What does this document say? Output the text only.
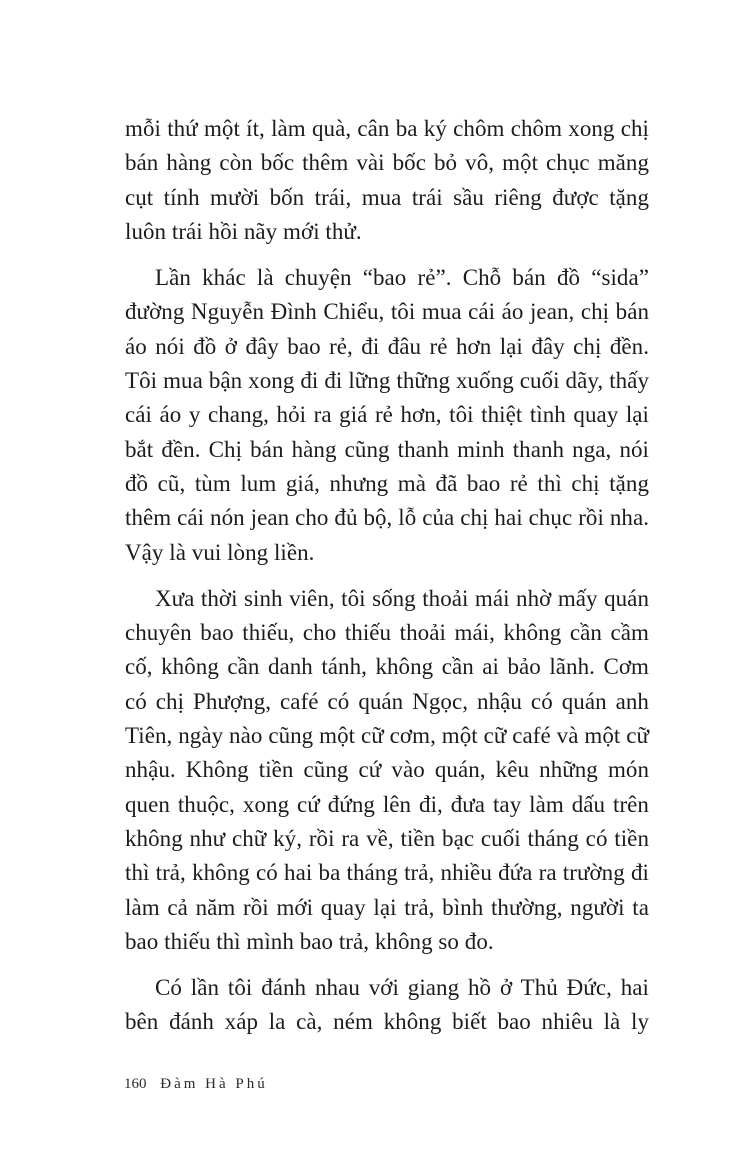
mỗi thứ một ít, làm quà, cân ba ký chôm chôm xong chị bán hàng còn bốc thêm vài bốc bỏ vô, một chục măng cụt tính mười bốn trái, mua trái sầu riêng được tặng luôn trái hồi nãy mới thử.

Lần khác là chuyện “bao rẻ”. Chỗ bán đồ “sida” đường Nguyễn Đình Chiểu, tôi mua cái áo jean, chị bán áo nói đồ ở đây bao rẻ, đi đâu rẻ hơn lại đây chị đền. Tôi mua bận xong đi đi lững thững xuống cuối dãy, thấy cái áo y chang, hỏi ra giá rẻ hơn, tôi thiệt tình quay lại bắt đền. Chị bán hàng cũng thanh minh thanh nga, nói đồ cũ, tùm lum giá, nhưng mà đã bao rẻ thì chị tặng thêm cái nón jean cho đủ bộ, lỗ của chị hai chục rồi nha. Vậy là vui lòng liền.

Xưa thời sinh viên, tôi sống thoải mái nhờ mấy quán chuyên bao thiếu, cho thiếu thoải mái, không cần cầm cố, không cần danh tánh, không cần ai bảo lãnh. Cơm có chị Phượng, café có quán Ngọc, nhậu có quán anh Tiên, ngày nào cũng một cữ cơm, một cữ café và một cữ nhậu. Không tiền cũng cứ vào quán, kêu những món quen thuộc, xong cứ đứng lên đi, đưa tay làm dấu trên không như chữ ký, rồi ra về, tiền bạc cuối tháng có tiền thì trả, không có hai ba tháng trả, nhiều đứa ra trường đi làm cả năm rồi mới quay lại trả, bình thường, người ta bao thiếu thì mình bao trả, không so đo.

Có lần tôi đánh nhau với giang hồ ở Thủ Đức, hai bên đánh xáp la cà, ném không biết bao nhiêu là ly

160 Đàm Hà Phú
